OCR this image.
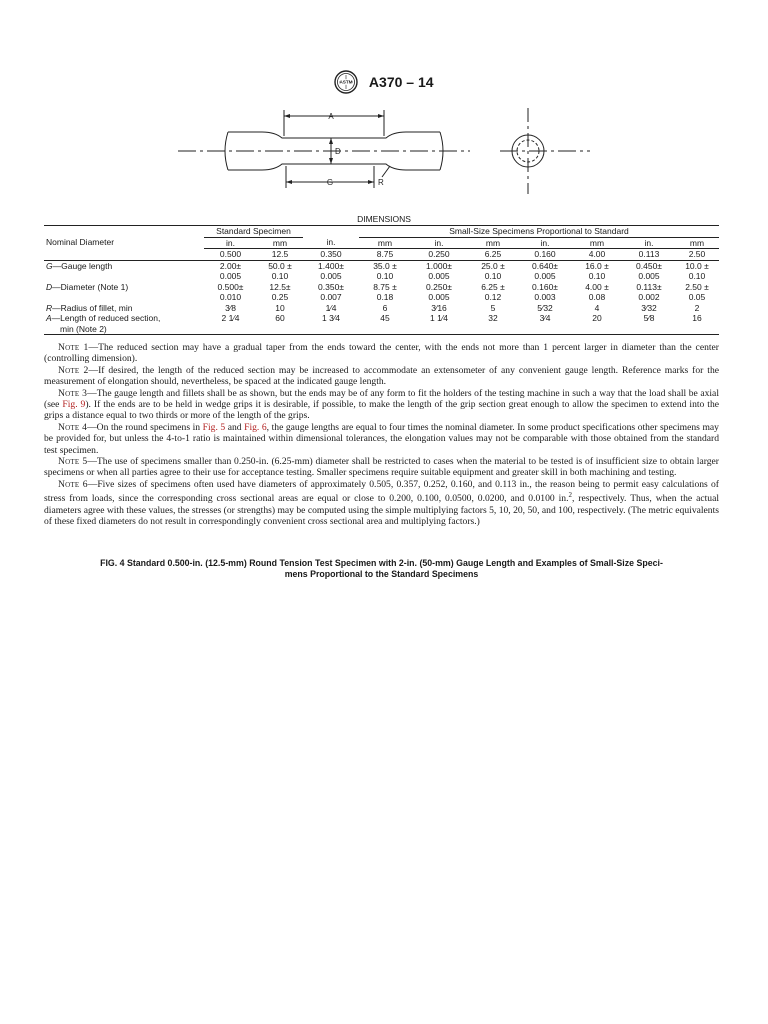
ASTM A370 – 14
A
D
G	R
DIMENSIONS
	Standard Specimen			Small-Size Specimens Proportional to Standard						
Nominal Diameter	in.	mm	in.	mm	in.	mm	in.	mm	in.	mm
	0.500	12.5	0.350	8.75	0.250	6.25	0.160	4.00	0.113	2.50
G—Gauge length	2.00±	50.0 ±	1.400±	35.0 ±	1.000±	25.0 ±	0.640±	16.0 ±	0.450±	10.0 ±
	0.005	0.10	0.005	0.10	0.005	0.10	0.005	0.10	0.005	0.10
D—Diameter (Note 1)	0.500±	12.5±	0.350±	8.75 ±	0.250±	6.25 ±	0.160±	4.00 ±	0.113±	2.50 ±
	0.010	0.25	0.007	0.18	0.005	0.12	0.003	0.08	0.002	0.05
R—Radius of fillet, min	3⁄8	10	1⁄4	6	3⁄16	5	5⁄32	4	3⁄32	2
A—Length of reduced section,	2 1⁄4	60	1 3⁄4	45	1 1⁄4	32	3⁄4	20	5⁄8	16
min (Note 2)										

Note 1—The reduced section may have a gradual taper from the ends toward the center, with the ends not more than 1 percent larger in diameter than the center (controlling dimension).

Note 2—If desired, the length of the reduced section may be increased to accommodate an extensometer of any convenient gauge length. Reference marks for the measurement of elongation should, nevertheless, be spaced at the indicated gauge length.

Note 3—The gauge length and fillets shall be as shown, but the ends may be of any form to fit the holders of the testing machine in such a way that the load shall be axial (see Fig. 9). If the ends are to be held in wedge grips it is desirable, if possible, to make the length of the grip section great enough to allow the specimen to extend into the grips a distance equal to two thirds or more of the length of the grips.

Note 4—On the round specimens in Fig. 5 and Fig. 6, the gauge lengths are equal to four times the nominal diameter. In some product specifications other specimens may be provided for, but unless the 4-to-1 ratio is maintained within dimensional tolerances, the elongation values may not be comparable with those obtained from the standard test specimen.

Note 5—The use of specimens smaller than 0.250-in. (6.25-mm) diameter shall be restricted to cases when the material to be tested is of insufficient size to obtain larger specimens or when all parties agree to their use for acceptance testing. Smaller specimens require suitable equipment and greater skill in both machining and testing.

Note 6—Five sizes of specimens often used have diameters of approximately 0.505, 0.357, 0.252, 0.160, and 0.113 in., the reason being to permit easy calculations of stress from loads, since the corresponding cross sectional areas are equal or close to 0.200, 0.100, 0.0500, 0.0200, and 0.0100 in.$^2$, respectively. Thus, when the actual diameters agree with these values, the stresses (or strengths) may be computed using the simple multiplying factors 5, 10, 20, 50, and 100, respectively. (The metric equivalents of these fixed diameters do not result in correspondingly convenient cross sectional area and multiplying factors.)

FIG. 4 Standard 0.500-in. (12.5-mm) Round Tension Test Specimen with 2-in. (50-mm) Gauge Length and Examples of Small-Size Speci-
mens Proportional to the Standard Specimens
